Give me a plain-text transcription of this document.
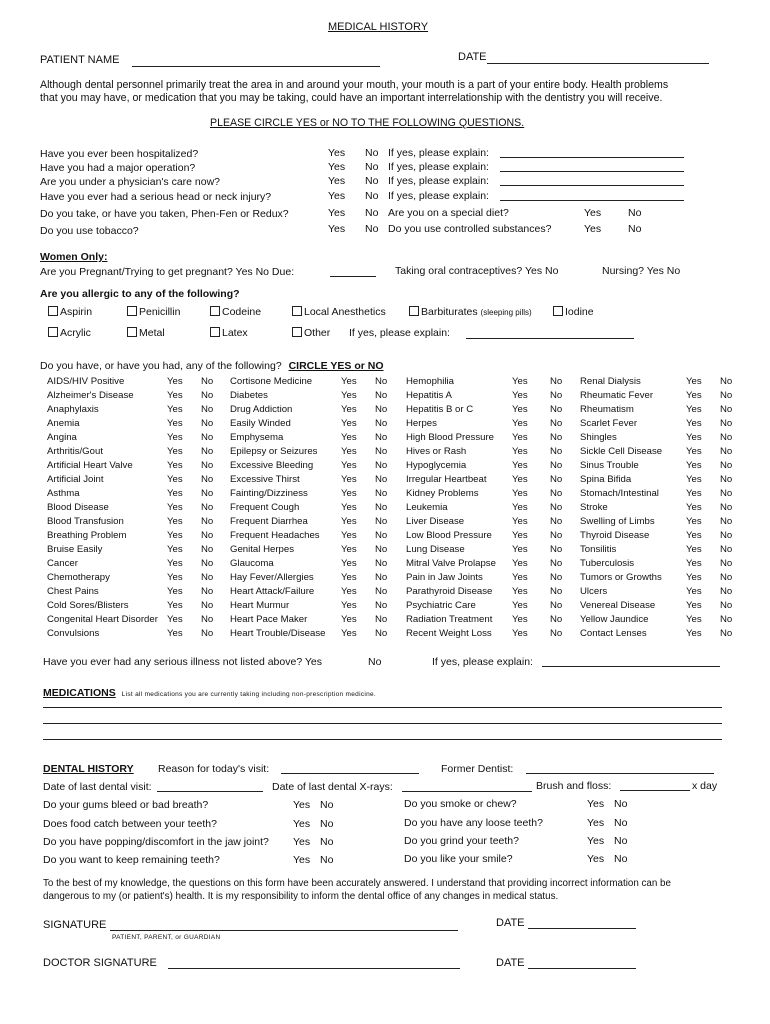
MEDICAL HISTORY
PATIENT NAME	DATE
Although dental personnel primarily treat the area in and around your mouth, your mouth is a part of your entire body. Health problems
that you may have, or medication that you may be taking, could have an important interrelationship with the dentistry you will receive.
PLEASE CIRCLE YES or NO TO THE FOLLOWING QUESTIONS.
Have you ever been hospitalized?	Yes No If yes, please explain:
Have you had a major operation?	Yes No If yes, please explain:
Are you under a physician's care now?	Yes No If yes, please explain:
Have you ever had a serious head or neck injury?	Yes No If yes, please explain:
Do you take, or have you taken, Phen-Fen or Redux?	Yes No Are you on a special diet?	Yes	No
Do you use tobacco?	Yes No Do you use controlled substances?	Yes	No
Women Only:
Are you Pregnant/Trying to get pregnant? Yes No Due:	Taking oral contraceptives? Yes No	Nursing? Yes No
Are you allergic to any of the following?
Aspirin	Penicillin	Codeine	Local Anesthetics	Barbiturates (sleeping pills)	Iodine
Acrylic	Metal	Latex	Other If yes, please explain:
Do you have, or have you had, any of the following? CIRCLE YES or NO
AIDS/HIV Positive	Yes No
Alzheimer's Disease	Yes No
Anaphylaxis	Yes No
Anemia	Yes No
Angina	Yes No
Arthritis/Gout	Yes No
Artificial Heart Valve	Yes No
Artificial Joint	Yes No
Asthma	Yes No
Blood Disease	Yes No
Blood Transfusion	Yes No
Breathing Problem	Yes No
Bruise Easily	Yes No
Cancer	Yes No
Chemotherapy	Yes No
Chest Pains	Yes No
Cold Sores/Blisters	Yes No
Congenital Heart Disorder Yes No
Convulsions	Yes No
Cortisone Medicine	Yes No
Diabetes	Yes No
Drug Addiction	Yes No
Easily Winded	Yes No
Emphysema	Yes No
Epilepsy or Seizures Yes No
Excessive Bleeding	Yes No
Excessive Thirst	Yes No
Fainting/Dizziness	Yes No
Frequent Cough	Yes No
Frequent Diarrhea	Yes No
Frequent Headaches Yes No
Genital Herpes	Yes No
Glaucoma	Yes No
Hay Fever/Allergies	Yes No
Heart Attack/Failure	Yes No
Heart Murmur	Yes No
Heart Pace Maker	Yes No
Heart Trouble/Disease Yes No
Hemophilia	Yes No
Hepatitis A	Yes No
Hepatitis B or C	Yes No
Herpes	Yes No
High Blood Pressure Yes No
Hives or Rash	Yes No
Hypoglycemia	Yes No
Irregular Heartbeat	Yes No
Kidney Problems	Yes No
Leukemia	Yes No
Liver Disease	Yes No
Low Blood Pressure Yes No
Lung Disease	Yes No
Mitral Valve Prolapse Yes No
Pain in Jaw Joints	Yes No
Parathyroid Disease Yes No
Psychiatric Care	Yes No
Radiation Treatment Yes No
Recent Weight Loss Yes No
Renal Dialysis	Yes No
Rheumatic Fever	Yes No
Rheumatism	Yes No
Scarlet Fever	Yes No
Shingles	Yes No
Sickle Cell Disease Yes No
Sinus Trouble	Yes No
Spina Bifida	Yes No
Stomach/Intestinal	Yes No
Stroke	Yes No
Swelling of Limbs	Yes No
Thyroid Disease	Yes No
Tonsilitis	Yes No
Tuberculosis	Yes No
Tumors or Growths	Yes No
Ulcers	Yes No
Venereal Disease	Yes No
Yellow Jaundice	Yes No
Contact Lenses	Yes No
Have you ever had any serious illness not listed above? Yes	No	If yes, please explain:
MEDICATIONS List all medications you are currently taking including non-prescription medicine.
DENTAL HISTORY Reason for today's visit:	Former Dentist:
Date of last dental visit:	Date of last dental X-rays:	Brush and floss:	x day
Do your gums bleed or bad breath?	Yes No
Does food catch between your teeth?	Yes No
Do you have popping/discomfort in the jaw joint? Yes No
Do you want to keep remaining teeth?	Yes No
Do you smoke or chew?	Yes No
Do you have any loose teeth?	Yes No
Do you grind your teeth?	Yes No
Do you like your smile?	Yes No
To the best of my knowledge, the questions on this form have been accurately answered. I understand that providing incorrect information can be
dangerous to my (or patient's) health. It is my responsibility to inform the dental office of any changes in medical status.
SIGNATURE
PATIENT, PARENT, or GUARDIAN
DATE
DOCTOR SIGNATURE	DATE
